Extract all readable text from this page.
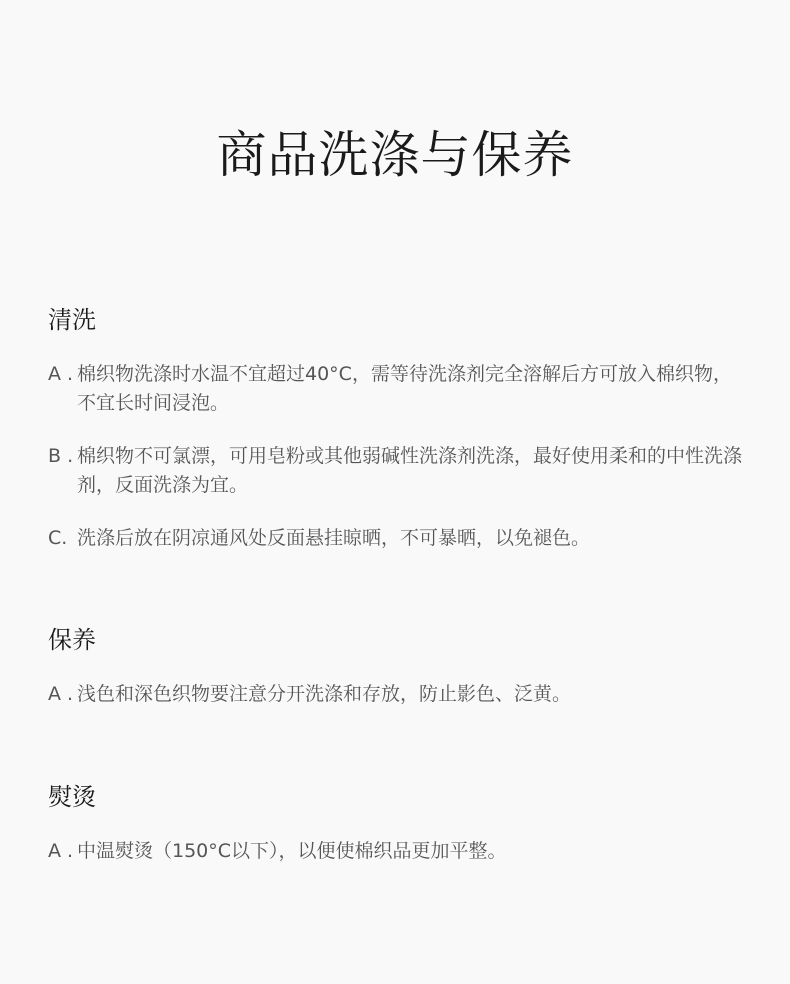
商品洗涤与保养
清洗
A . 棉织物洗涤时水温不宜超过40°C，需等待洗涤剂完全溶解后方可放入棉织物，不宜长时间浸泡。
B . 棉织物不可氯漂，可用皂粉或其他弱碱性洗涤剂洗涤，最好使用柔和的中性洗涤剂，反面洗涤为宜。
C. 洗涤后放在阴凉通风处反面悬挂晾晒，不可暴晒，以免褪色。
保养
A . 浅色和深色织物要注意分开洗涤和存放，防止影色、泛黄。
熨烫
A . 中温熨烫（150°C以下），以便使棉织品更加平整。
